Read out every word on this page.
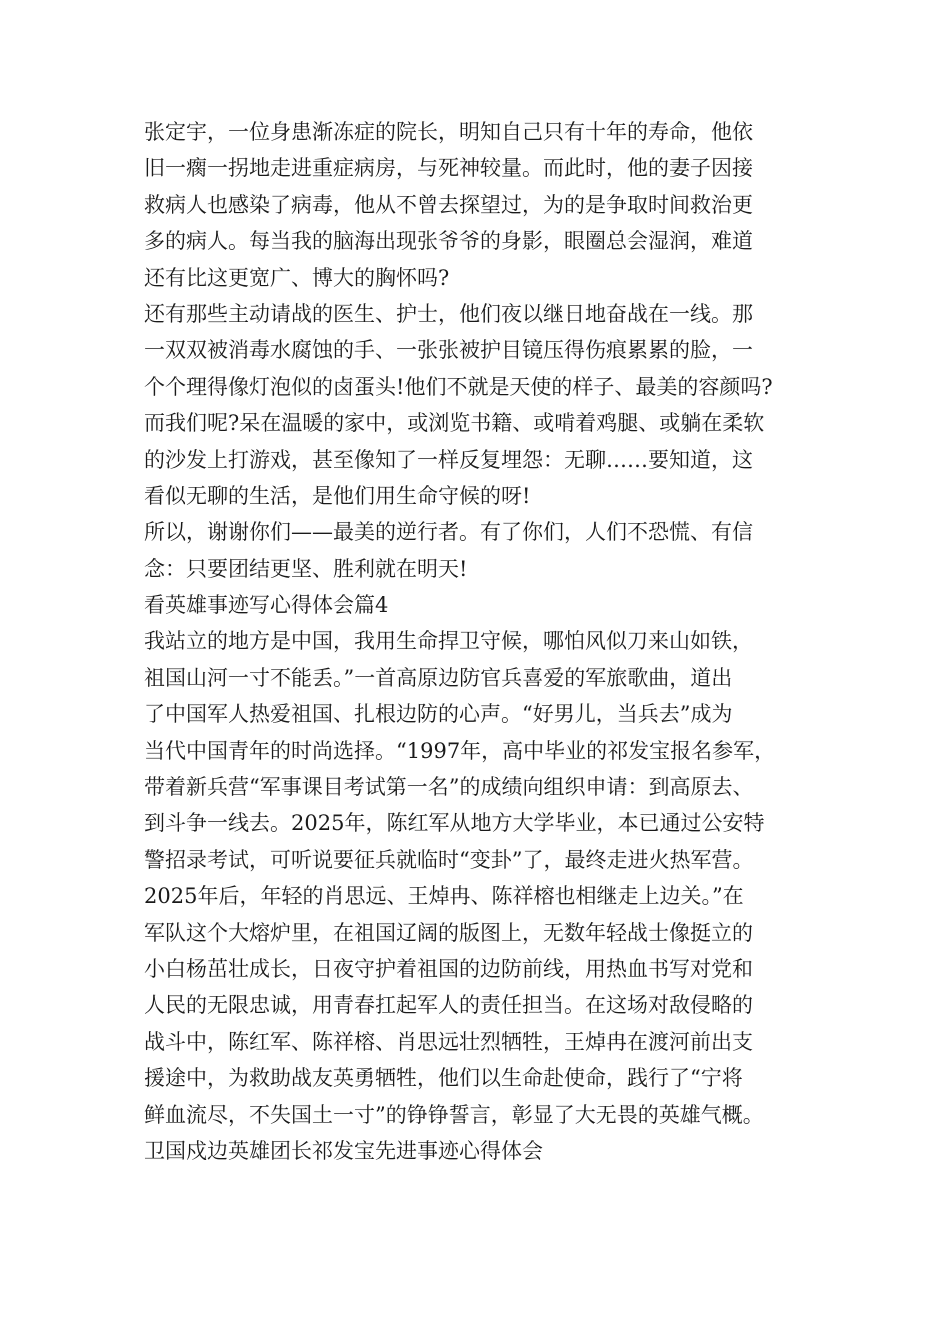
张定宇，一位身患渐冻症的院长，明知自己只有十年的寿命，他依
旧一瘸一拐地走进重症病房，与死神较量。而此时，他的妻子因接
救病人也感染了病毒，他从不曾去探望过，为的是争取时间救治更
多的病人。每当我的脑海出现张爷爷的身影，眼圈总会湿润，难道
还有比这更宽广、博大的胸怀吗?
还有那些主动请战的医生、护士，他们夜以继日地奋战在一线。那
一双双被消毒水腐蚀的手、一张张被护目镜压得伤痕累累的脸，一
个个理得像灯泡似的卤蛋头!他们不就是天使的样子、最美的容颜吗?
而我们呢?呆在温暖的家中，或浏览书籍、或啃着鸡腿、或躺在柔软
的沙发上打游戏，甚至像知了一样反复埋怨：无聊……要知道，这
看似无聊的生活，是他们用生命守候的呀!
所以，谢谢你们——最美的逆行者。有了你们，人们不恐慌、有信
念：只要团结更坚、胜利就在明天!
看英雄事迹写心得体会篇4
我站立的地方是中国，我用生命捍卫守候，哪怕风似刀来山如铁，
祖国山河一寸不能丢。”一首高原边防官兵喜爱的军旅歌曲，道出
了中国军人热爱祖国、扎根边防的心声。“好男儿，当兵去”成为
当代中国青年的时尚选择。“1997年，高中毕业的祁发宝报名参军，
带着新兵营“军事课目考试第一名”的成绩向组织申请：到高原去、
到斗争一线去。2025年，陈红军从地方大学毕业，本已通过公安特
警招录考试，可听说要征兵就临时“变卦”了，最终走进火热军营。
2025年后，年轻的肖思远、王焯冉、陈祥榕也相继走上边关。”在
军队这个大熔炉里，在祖国辽阔的版图上，无数年轻战士像挺立的
小白杨茁壮成长，日夜守护着祖国的边防前线，用热血书写对党和
人民的无限忠诚，用青春扛起军人的责任担当。在这场对敌侵略的
战斗中，陈红军、陈祥榕、肖思远壮烈牺牲，王焯冉在渡河前出支
援途中，为救助战友英勇牺牲，他们以生命赴使命，践行了“宁将
鲜血流尽，不失国土一寸”的铮铮誓言，彰显了大无畏的英雄气概。
卫国戍边英雄团长祁发宝先进事迹心得体会
